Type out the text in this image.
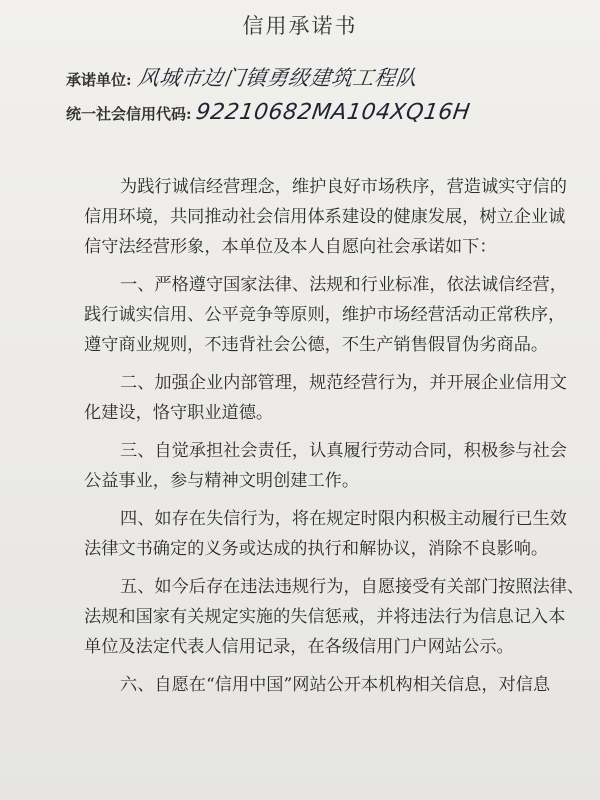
信用承诺书
承诺单位: 风城市边门镇勇级建筑工程队
统一社会信用代码: 92210682MA104XQ16H
为践行诚信经营理念，维护良好市场秩序，营造诚实守信的
信用环境，共同推动社会信用体系建设的健康发展，树立企业诚
信守法经营形象，本单位及本人自愿向社会承诺如下：
一、严格遵守国家法律、法规和行业标准，依法诚信经营，
践行诚实信用、公平竞争等原则，维护市场经营活动正常秩序，
遵守商业规则，不违背社会公德，不生产销售假冒伪劣商品。
二、加强企业内部管理，规范经营行为，并开展企业信用文
化建设，恪守职业道德。
三、自觉承担社会责任，认真履行劳动合同，积极参与社会
公益事业，参与精神文明创建工作。
四、如存在失信行为，将在规定时限内积极主动履行已生效
法律文书确定的义务或达成的执行和解协议，消除不良影响。
五、如今后存在违法违规行为，自愿接受有关部门按照法律、
法规和国家有关规定实施的失信惩戒，并将违法行为信息记入本
单位及法定代表人信用记录，在各级信用门户网站公示。
六、自愿在“信用中国”网站公开本机构相关信息，对信息
